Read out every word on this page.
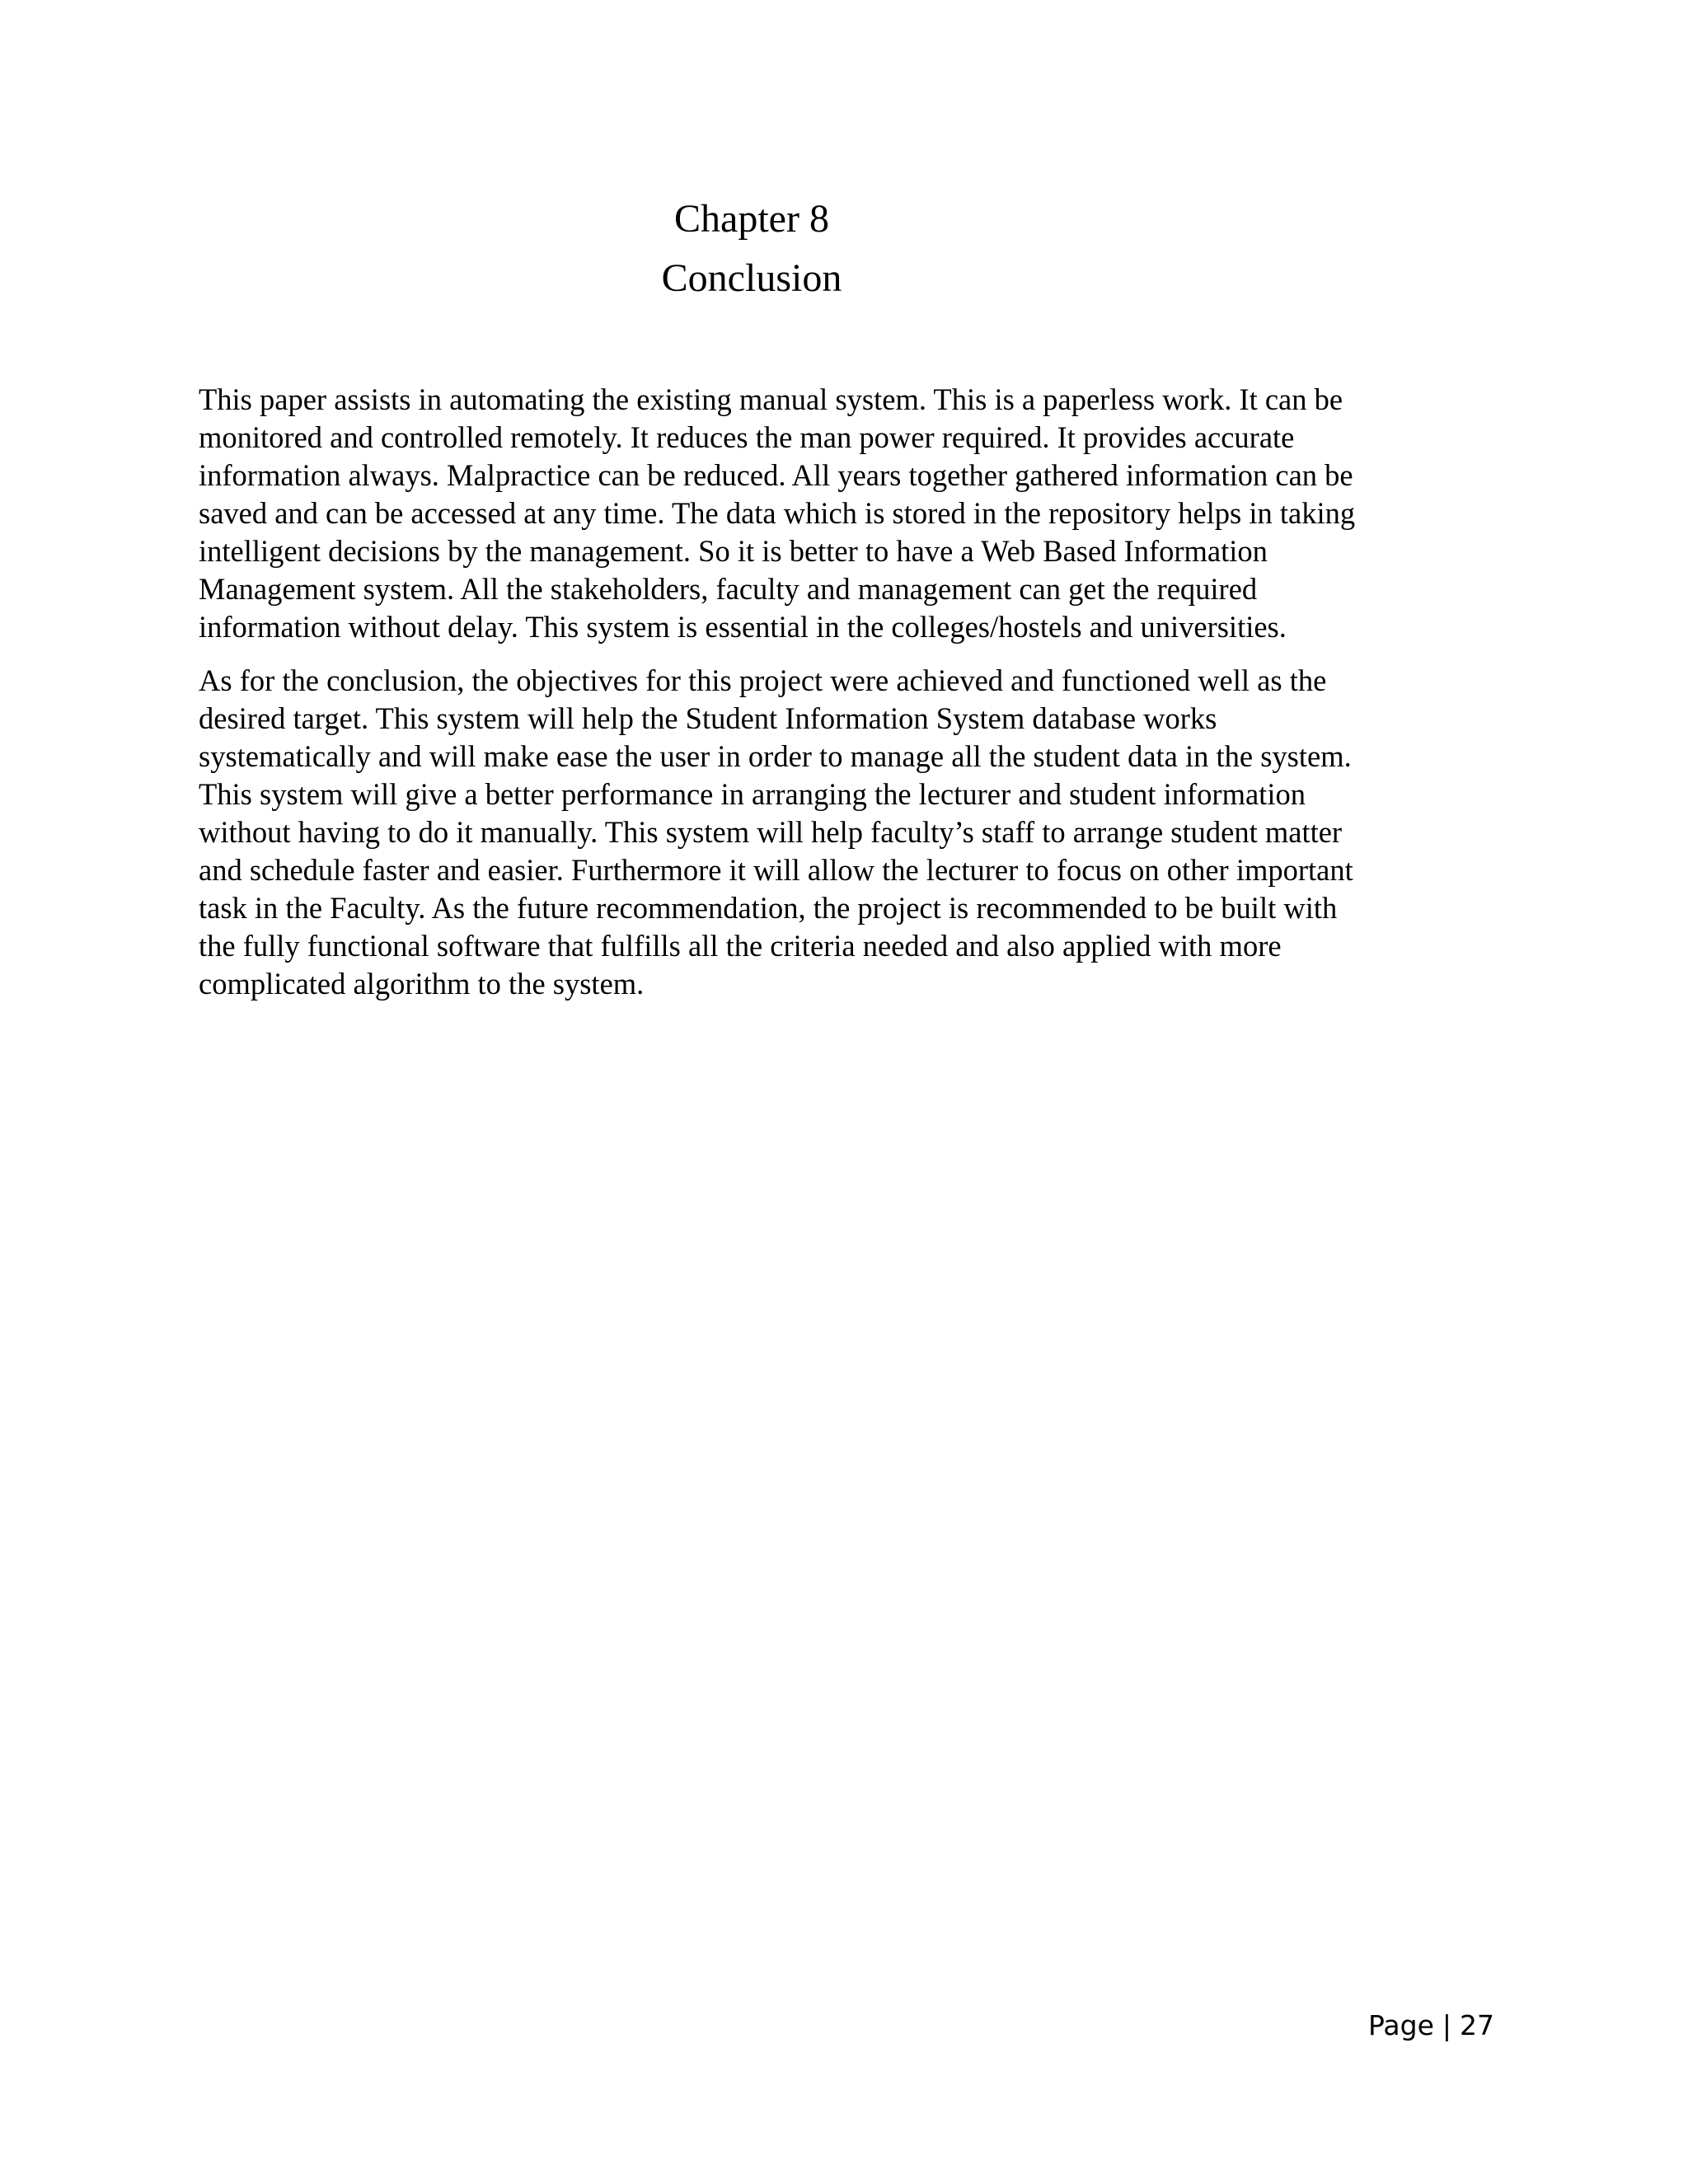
Chapter 8
Conclusion
This paper assists in automating the existing manual system. This is a paperless work. It can be
monitored and controlled remotely. It reduces the man power required. It provides accurate
information always. Malpractice can be reduced. All years together gathered information can be
saved and can be accessed at any time. The data which is stored in the repository helps in taking
intelligent decisions by the management. So it is better to have a Web Based Information
Management system. All the stakeholders, faculty and management can get the required
information without delay. This system is essential in the colleges/hostels and universities.
As for the conclusion, the objectives for this project were achieved and functioned well as the
desired target. This system will help the Student Information System database works
systematically and will make ease the user in order to manage all the student data in the system.
This system will give a better performance in arranging the lecturer and student information
without having to do it manually. This system will help faculty’s staff to arrange student matter
and schedule faster and easier. Furthermore it will allow the lecturer to focus on other important
task in the Faculty. As the future recommendation, the project is recommended to be built with
the fully functional software that fulfills all the criteria needed and also applied with more
complicated algorithm to the system.
Page | 27
